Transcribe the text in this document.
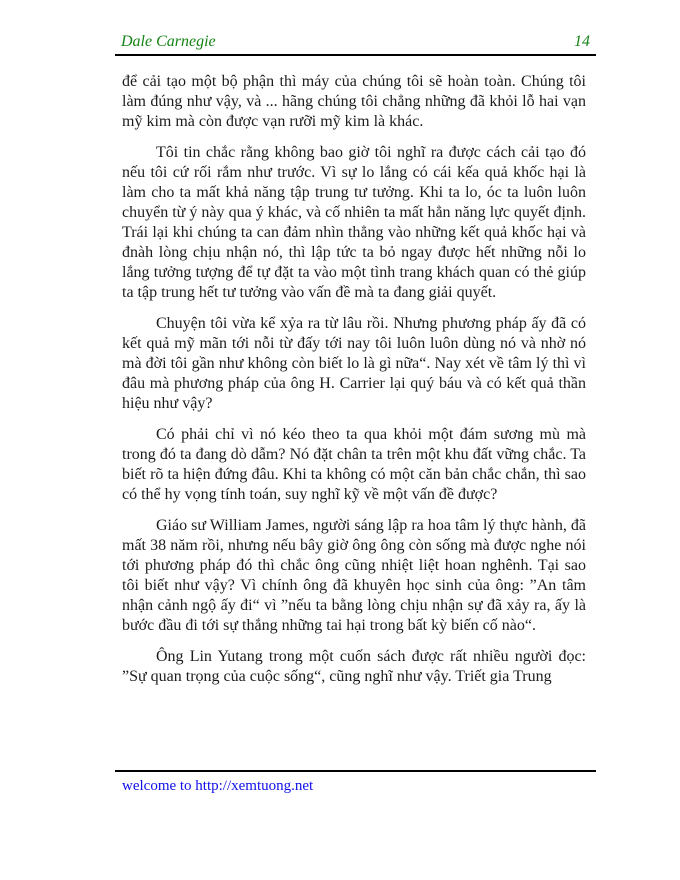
Dale Carnegie	14

để cải tạo một bộ phận thì máy của chúng tôi sẽ hoàn toàn. Chúng tôi làm đúng như vậy, và ... hãng chúng tôi chẳng những đã khỏi lỗ hai vạn mỹ kim mà còn được vạn rưỡi mỹ kim là khác.

Tôi tin chắc rằng không bao giờ tôi nghĩ ra được cách cải tạo đó nếu tôi cứ rối rắm như trước. Vì sự lo lắng có cái kếa quả khốc hại là làm cho ta mất khả năng tập trung tư tưởng. Khi ta lo, óc ta luôn luôn chuyển từ ý này qua ý khác, và cố nhiên ta mất hẳn năng lực quyết định. Trái lại khi chúng ta can đảm nhìn thẳng vào những kết quả khốc hại và đnàh lòng chịu nhận nó, thì lập tức ta bỏ ngay được hết những nỗi lo lắng tưởng tượng để tự đặt ta vào một tình trang khách quan có thẻ giúp ta tập trung hết tư tưởng vào vấn đề mà ta đang giải quyết.

Chuyện tôi vừa kể xỷa ra từ lâu rồi. Nhưng phương pháp ấy đã có kết quả mỹ mãn tới nỗi từ đấy tới nay tôi luôn luôn dùng nó và nhờ nó mà đời tôi gần như không còn biết lo là gì nữa“. Nay xét về tâm lý thì vì đâu mà phương pháp của ông H. Carrier lại quý báu và có kết quả thần hiệu như vậy?

Có phải chỉ vì nó kéo theo ta qua khỏi một đám sương mù mà trong đó ta đang dò dẫm? Nó đặt chân ta trên một khu đất vững chắc. Ta biết rõ ta hiện đứng đâu. Khi ta không có một căn bản chắc chắn, thì sao có thể hy vọng tính toán, suy nghĩ kỹ về một vấn đề được?

Giáo sư William James, người sáng lập ra hoa tâm lý thực hành, đã mất 38 năm rồi, nhưng nếu bây giờ ông ông còn sống mà được nghe nói tới phương pháp đó thì chắc ông cũng nhiệt liệt hoan nghênh. Tại sao tôi biết như vậy? Vì chính ông đã khuyên học sinh của ông: ”An tâm nhận cảnh ngộ ấy đi“ vì ”nếu ta bằng lòng chịu nhận sự đã xảy ra, ấy là bước đầu đi tới sự thắng những tai hại trong bất kỳ biến cố nào“.

Ông Lin Yutang trong một cuốn sách được rất nhiều người đọc: ”Sự quan trọng của cuộc sống“, cũng nghĩ như vậy. Triết gia Trung

welcome to http://xemtuong.net
